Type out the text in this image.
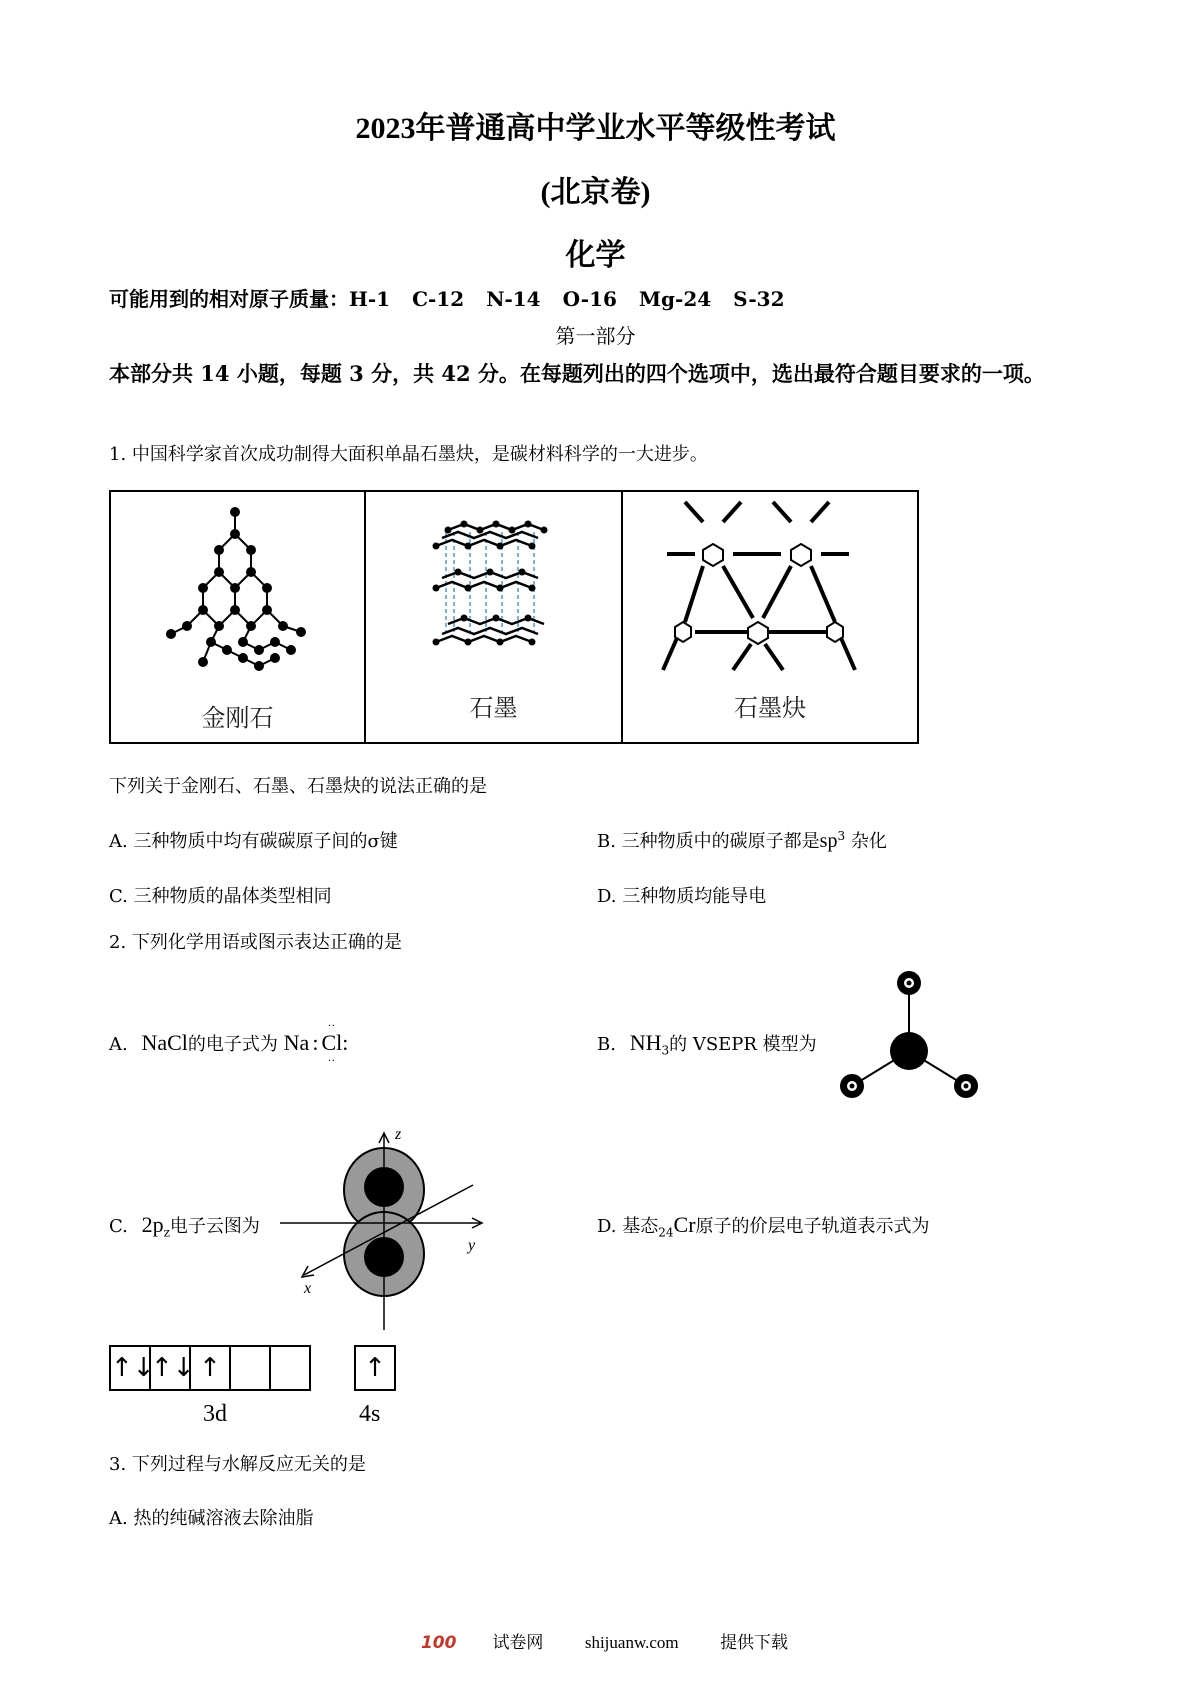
2023年普通高中学业水平等级性考试
(北京卷)
化学
可能用到的相对原子质量：H-1 C-12 N-14 O-16 Mg-24 S-32
第一部分
本部分共 14 小题，每题 3 分，共 42 分。在每题列出的四个选项中，选出最符合题目要求的一项。
1. 中国科学家首次成功制得大面积单晶石墨炔，是碳材料科学的一大进步。
金刚石	石墨	石墨炔
下列关于金刚石、石墨、石墨炔的说法正确的是
A. 三种物质中均有碳碳原子间的σ键	B. 三种物质中的碳原子都是$sp^3$ 杂化
C. 三种物质的晶体类型相同	D. 三种物质均能导电
2. 下列化学用语或图示表达正确的是
A. NaCl的电子式为 Na :
··
Cl
··
:	B. $NH_3$的 VSEPR 模型为
C. $2p_z$电子云图为
z
y
x
D. 基态$_{24}$Cr原子的价层电子轨道表示式为
↑↓
↑↓ ↑	↑
3d	4s
3. 下列过程与水解反应无关的是
A. 热的纯碱溶液去除油脂
100 试卷网 shijuanw.com 提供下载
